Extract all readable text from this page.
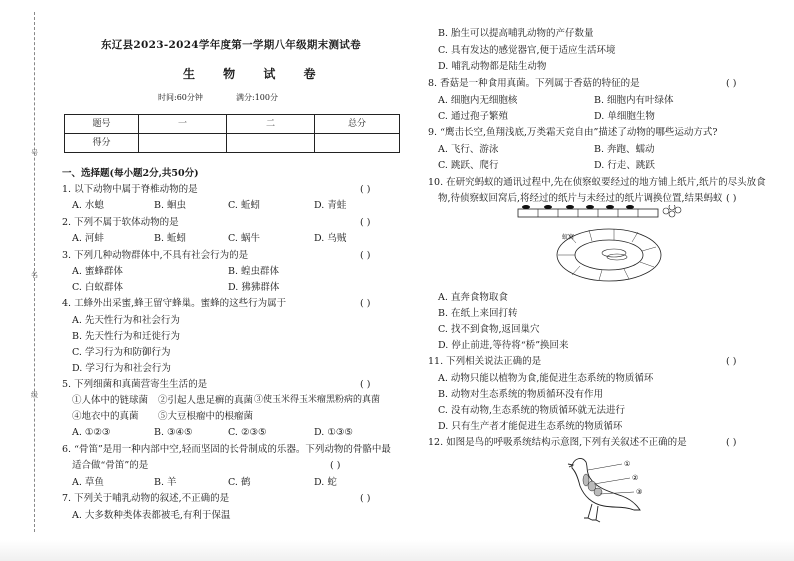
号
名
级
东辽县2023-2024学年度第一学期八年级期末测试卷
生 物 试 卷
时间:60分钟	满分:100分
题号	一	二	总分
得分			
一、选择题(每小题2分,共50分)
1. 以下动物中属于脊椎动物的是	( )
A. 水螅	B. 蛔虫	C. 蚯蚓	D. 青蛙
2. 下列不属于软体动物的是	( )
A. 河蚌	B. 蚯蚓	C. 蜗牛	D. 乌贼
3. 下列几种动物群体中,不具有社会行为的是	( )
A. 蜜蜂群体	B. 蝗虫群体
C. 白蚁群体	D. 狒狒群体
4. 工蜂外出采蜜,蜂王留守蜂巢。蜜蜂的这些行为属于	( )
A. 先天性行为和社会行为
B. 先天性行为和迁徙行为
C. 学习行为和防御行为
D. 学习行为和社会行为
5. 下列细菌和真菌营寄生生活的是	( )
①人体中的链球菌 ②引起人患足癣的真菌 ③使玉米得玉米瘤黑粉病的真菌
④地衣中的真菌 ⑤大豆根瘤中的根瘤菌
A. ①②③	B. ③④⑤	C. ②③⑤	D. ①③⑤
6. “骨笛”是用一种内部中空,轻而坚固的长骨制成的乐器。下列动物的骨骼中最
适合做“骨笛”的是	( )
A. 草鱼	B. 羊	C. 鹤	D. 蛇
7. 下列关于哺乳动物的叙述,不正确的是	( )
A. 大多数种类体表都被毛,有利于保温
B. 胎生可以提高哺乳动物的产仔数量
C. 具有发达的感觉器官,便于适应生活环境
D. 哺乳动物都是陆生动物
8. 香菇是一种食用真菌。下列属于香菇的特征的是	( )
A. 细胞内无细胞核	B. 细胞内有叶绿体
C. 通过孢子繁殖	D. 单细胞生物
9. “鹰击长空,鱼翔浅底,万类霜天竞自由”描述了动物的哪些运动方式?
A. 飞行、游泳	B. 奔跑、蠕动
C. 跳跃、爬行	D. 行走、跳跃
10. 在研究蚂蚁的通讯过程中,先在侦察蚁要经过的地方铺上纸片,纸片的尽头放食
物,待侦察蚁回窝后,将经过的纸片与未经过的纸片调换位置,结果蚂蚁 ( )
蚁窝
A. 直奔食物取食
B. 在纸上来回打转
C. 找不到食物,返回巢穴
D. 停止前进,等待将“桥”换回来
11. 下列相关说法正确的是	( )
A. 动物只能以植物为食,能促进生态系统的物质循环
B. 动物对生态系统的物质循环没有作用
C. 没有动物,生态系统的物质循环就无法进行
D. 只有生产者才能促进生态系统的物质循环
12. 如图是鸟的呼吸系统结构示意图,下列有关叙述不正确的是	( )
①
②
③
